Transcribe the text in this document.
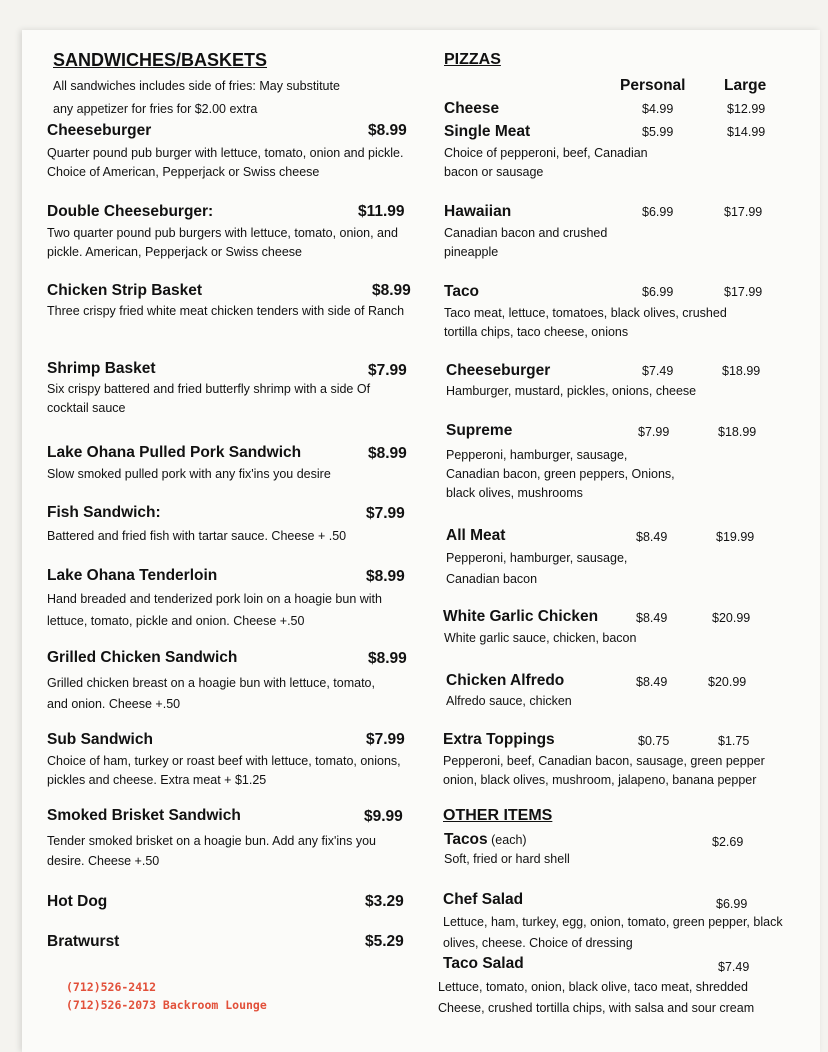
SANDWICHES/BASKETS
All sandwiches includes side of fries: May substitute
any appetizer for fries for $2.00 extra
Cheeseburger	$8.99
Quarter pound pub burger with lettuce, tomato, onion and pickle. Choice of American, Pepperjack or Swiss cheese
Double Cheeseburger:	$11.99
Two quarter pound pub burgers with lettuce, tomato, onion, and pickle. American, Pepperjack or Swiss cheese
Chicken Strip Basket	$8.99
Three crispy fried white meat chicken tenders with side of Ranch
Shrimp Basket	$7.99
Six crispy battered and fried butterfly shrimp with a side Of cocktail sauce
Lake Ohana Pulled Pork Sandwich	$8.99
Slow smoked pulled pork with any fix'ins you desire
Fish Sandwich:	$7.99
Battered and fried fish with tartar sauce. Cheese + .50
Lake Ohana Tenderloin	$8.99
Hand breaded and tenderized pork loin on a hoagie bun with lettuce, tomato, pickle and onion. Cheese +.50
Grilled Chicken Sandwich	$8.99
Grilled chicken breast on a hoagie bun with lettuce, tomato, and onion. Cheese +.50
Sub Sandwich	$7.99
Choice of ham, turkey or roast beef with lettuce, tomato, onions, pickles and cheese. Extra meat + $1.25
Smoked Brisket Sandwich	$9.99
Tender smoked brisket on a hoagie bun. Add any fix'ins you desire. Cheese +.50
Hot Dog	$3.29
Bratwurst	$5.29
(712)526-2412
(712)526-2073 Backroom Lounge
PIZZAS
Personal Large
Cheese	$4.99	$12.99
Single Meat	$5.99	$14.99
Choice of pepperoni, beef, Canadian bacon or sausage
Hawaiian	$6.99	$17.99
Canadian bacon and crushed pineapple
Taco	$6.99	$17.99
Taco meat, lettuce, tomatoes, black olives, crushed tortilla chips, taco cheese, onions
Cheeseburger	$7.49	$18.99
Hamburger, mustard, pickles, onions, cheese
Supreme	$7.99	$18.99
Pepperoni, hamburger, sausage, Canadian bacon, green peppers, Onions, black olives, mushrooms
All Meat	$8.49	$19.99
Pepperoni, hamburger, sausage, Canadian bacon
White Garlic Chicken	$8.49	$20.99
White garlic sauce, chicken, bacon
Chicken Alfredo	$8.49	$20.99
Alfredo sauce, chicken
Extra Toppings	$0.75	$1.75
Pepperoni, beef, Canadian bacon, sausage, green pepper onion, black olives, mushroom, jalapeno, banana pepper
OTHER ITEMS
Tacos (each)	$2.69
Soft, fried or hard shell
Chef Salad	$6.99
Lettuce, ham, turkey, egg, onion, tomato, green pepper, black olives, cheese. Choice of dressing
Taco Salad	$7.49
Lettuce, tomato, onion, black olive, taco meat, shredded Cheese, crushed tortilla chips, with salsa and sour cream
